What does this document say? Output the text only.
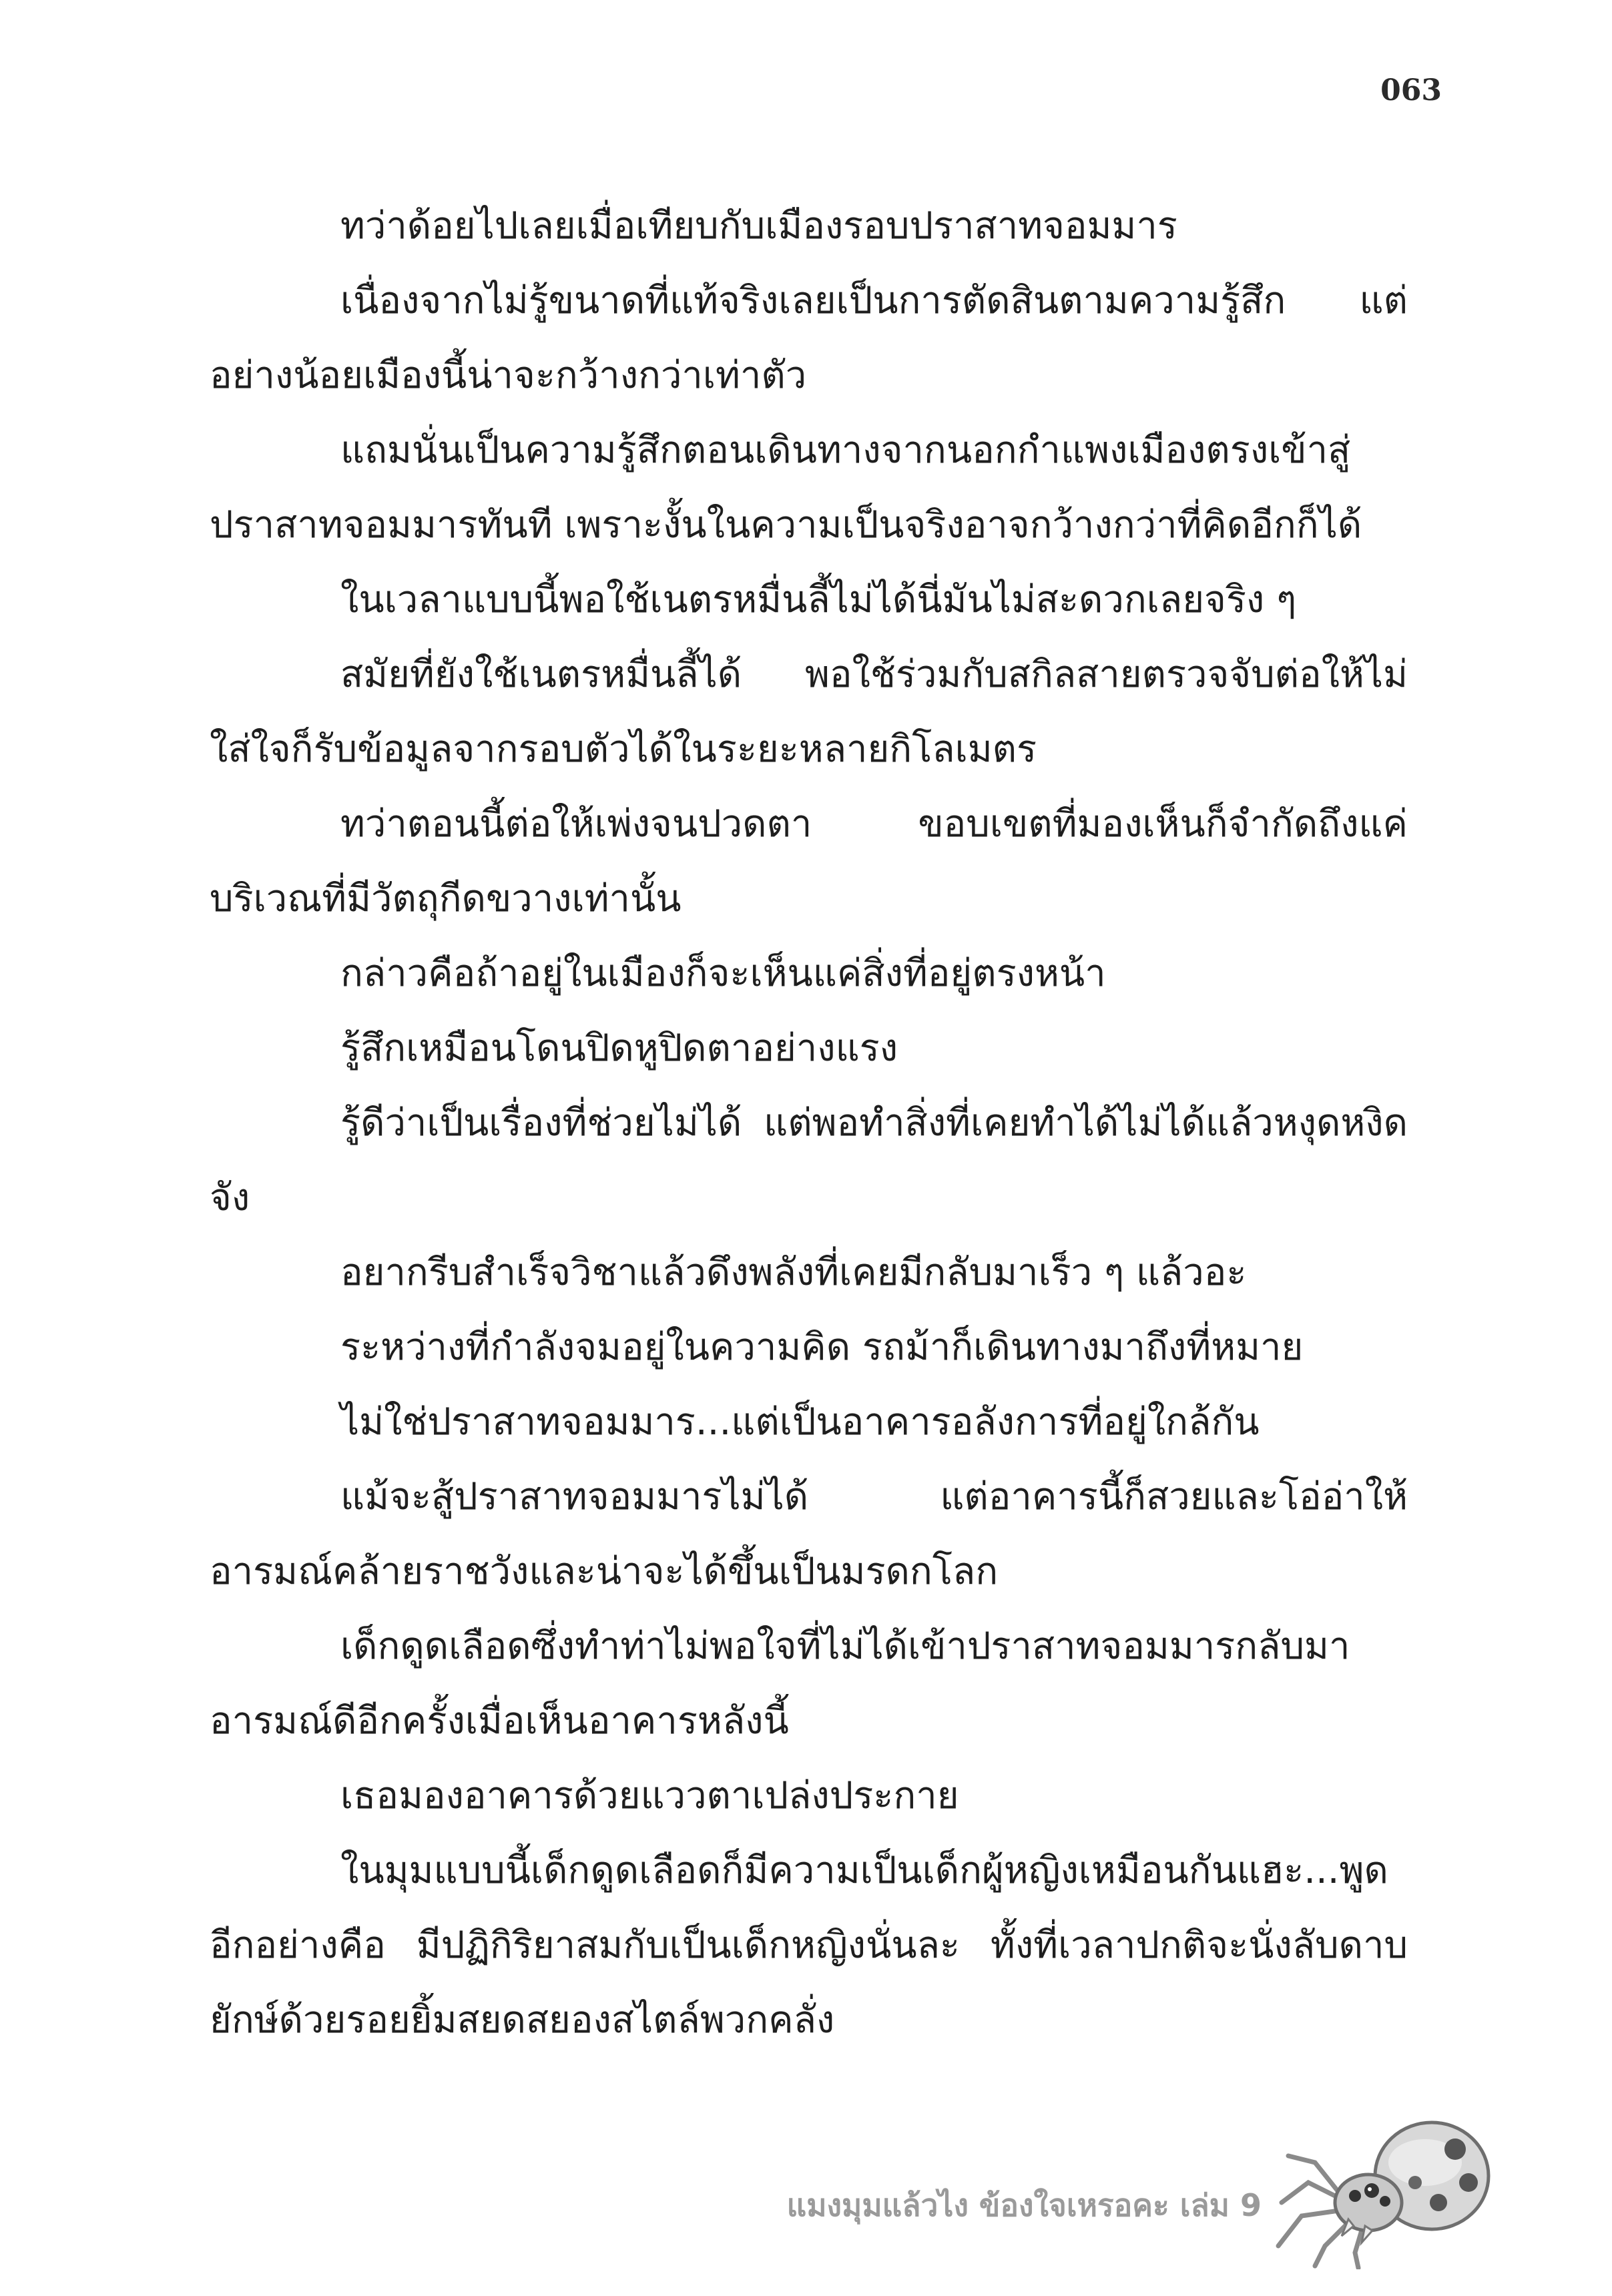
063

ทว่าด้อยไปเลยเมื่อเทียบกับเมืองรอบปราสาทจอมมาร

เนื่องจากไม่รู้ขนาดที่แท้จริงเลยเป็นการตัดสินตามความรู้สึก แต่อย่างน้อยเมืองนี้น่าจะกว้างกว่าเท่าตัว

แถมนั่นเป็นความรู้สึกตอนเดินทางจากนอกกำแพงเมืองตรงเข้าสู่ปราสาทจอมมารทันที เพราะงั้นในความเป็นจริงอาจกว้างกว่าที่คิดอีกก็ได้

ในเวลาแบบนี้พอใช้เนตรหมื่นลี้ไม่ได้นี่มันไม่สะดวกเลยจริง ๆ

สมัยที่ยังใช้เนตรหมื่นลี้ได้ พอใช้ร่วมกับสกิลสายตรวจจับต่อให้ไม่ใส่ใจก็รับข้อมูลจากรอบตัวได้ในระยะหลายกิโลเมตร

ทว่าตอนนี้ต่อให้เพ่งจนปวดตา ขอบเขตที่มองเห็นก็จำกัดถึงแค่บริเวณที่มีวัตถุกีดขวางเท่านั้น

กล่าวคือถ้าอยู่ในเมืองก็จะเห็นแค่สิ่งที่อยู่ตรงหน้า

รู้สึกเหมือนโดนปิดหูปิดตาอย่างแรง

รู้ดีว่าเป็นเรื่องที่ช่วยไม่ได้ แต่พอทำสิ่งที่เคยทำได้ไม่ได้แล้วหงุดหงิดจัง

อยากรีบสำเร็จวิชาแล้วดึงพลังที่เคยมีกลับมาเร็ว ๆ แล้วอะ

ระหว่างที่กำลังจมอยู่ในความคิด รถม้าก็เดินทางมาถึงที่หมาย

ไม่ใช่ปราสาทจอมมาร...แต่เป็นอาคารอลังการที่อยู่ใกล้กัน

แม้จะสู้ปราสาทจอมมารไม่ได้ แต่อาคารนี้ก็สวยและโอ่อ่าให้อารมณ์คล้ายราชวังและน่าจะได้ขึ้นเป็นมรดกโลก

เด็กดูดเลือดซึ่งทำท่าไม่พอใจที่ไม่ได้เข้าปราสาทจอมมารกลับมาอารมณ์ดีอีกครั้งเมื่อเห็นอาคารหลังนี้

เธอมองอาคารด้วยแววตาเปล่งประกาย

ในมุมแบบนี้เด็กดูดเลือดก็มีความเป็นเด็กผู้หญิงเหมือนกันแฮะ...พูดอีกอย่างคือ มีปฏิกิริยาสมกับเป็นเด็กหญิงนั่นละ ทั้งที่เวลาปกติจะนั่งลับดาบยักษ์ด้วยรอยยิ้มสยดสยองสไตล์พวกคลั่ง

แมงมุมแล้วไง ข้องใจเหรอคะ เล่ม 9
